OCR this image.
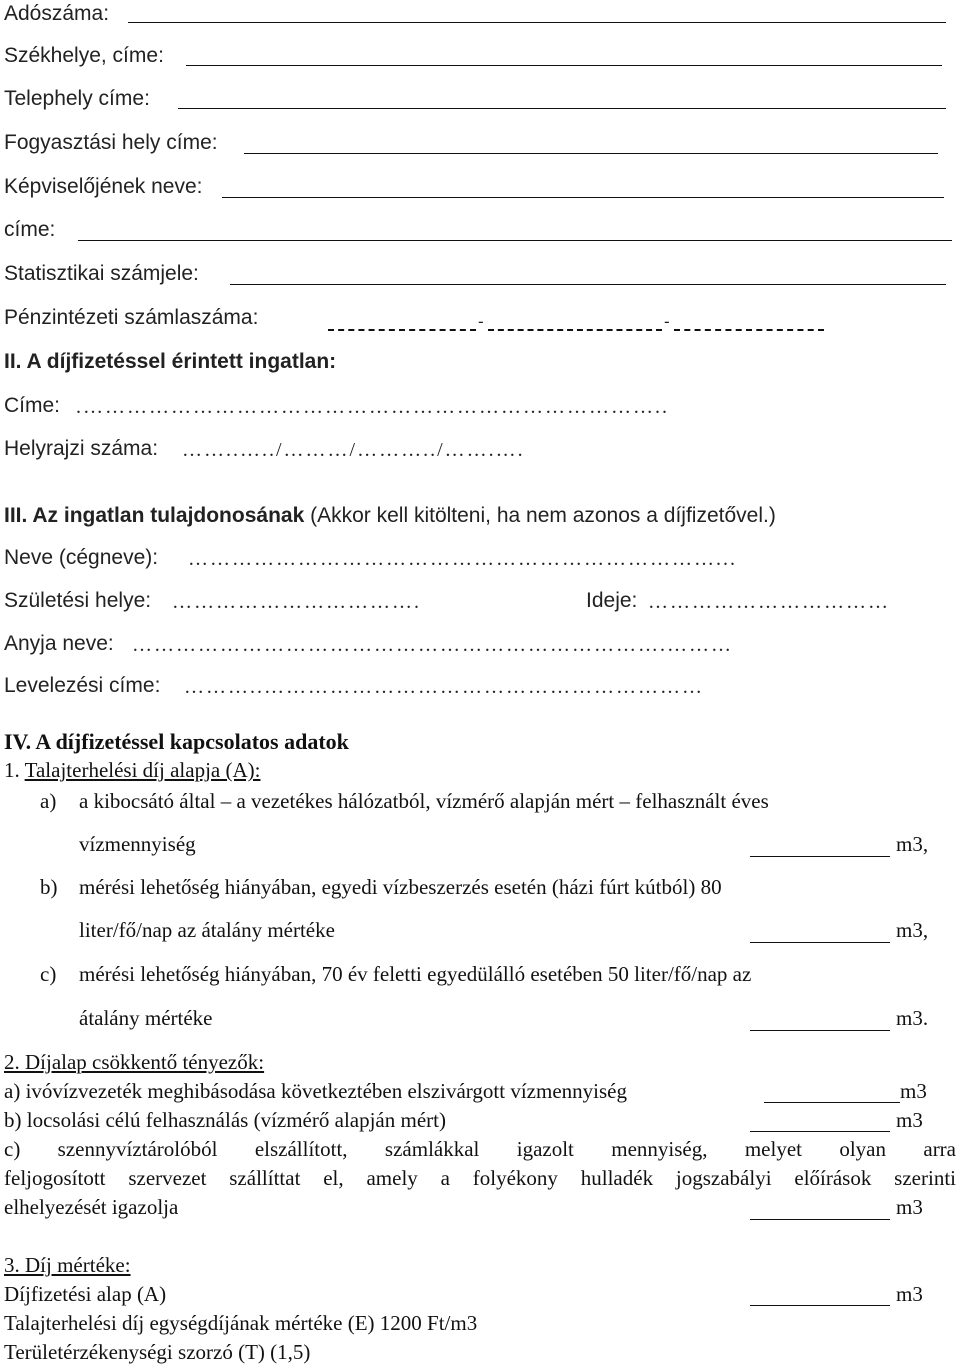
Adószáma:
Székhelye, címe:
Telephely címe:
Fogyasztási hely címe:
Képviselőjének neve:
címe:
Statisztikai számjele:
Pénzintézeti számlaszáma:	-	-
II. A díjfizetéssel érintett ingatlan:
Címe: .……………………………………………………………………..
Helyrajzi száma: ……..…../………/………../…….….
III. Az ingatlan tulajdonosának (Akkor kell kitölteni, ha nem azonos a díjfizetővel.)
Neve (cégneve): ………………………………………………………………...
Születési helye: …………………………….	Ideje: ……………………………
Anyja neve: ……………………………………………………………….………
Levelezési címe: ………..……………………………………………………
IV. A díjfizetéssel kapcsolatos adatok
1. Talajterhelési díj alapja (A):
a) a kibocsátó által – a vezetékes hálózatból, vízmérő alapján mért – felhasznált éves
vízmennyiség	m3,
b) mérési lehetőség hiányában, egyedi vízbeszerzés esetén (házi fúrt kútból) 80
liter/fő/nap az átalány mértéke	m3,
c) mérési lehetőség hiányában, 70 év feletti egyedülálló esetében 50 liter/fő/nap az
átalány mértéke	m3.
2. Díjalap csökkentő tényezők:
a) ivóvízvezeték meghibásodása következtében elszivárgott vízmennyiség	m3
b) locsolási célú felhasználás (vízmérő alapján mért)	m3
c) szennyvíztárolóból elszállított, számlákkal igazolt mennyiség, melyet olyan arra
feljogosított szervezet szállíttat el, amely a folyékony hulladék jogszabályi előírások szerinti
elhelyezését igazolja	m3
3. Díj mértéke:
Díjfizetési alap (A)	m3
Talajterhelési díj egységdíjának mértéke (E) 1200 Ft/m3
Területérzékenységi szorzó (T) (1,5)
